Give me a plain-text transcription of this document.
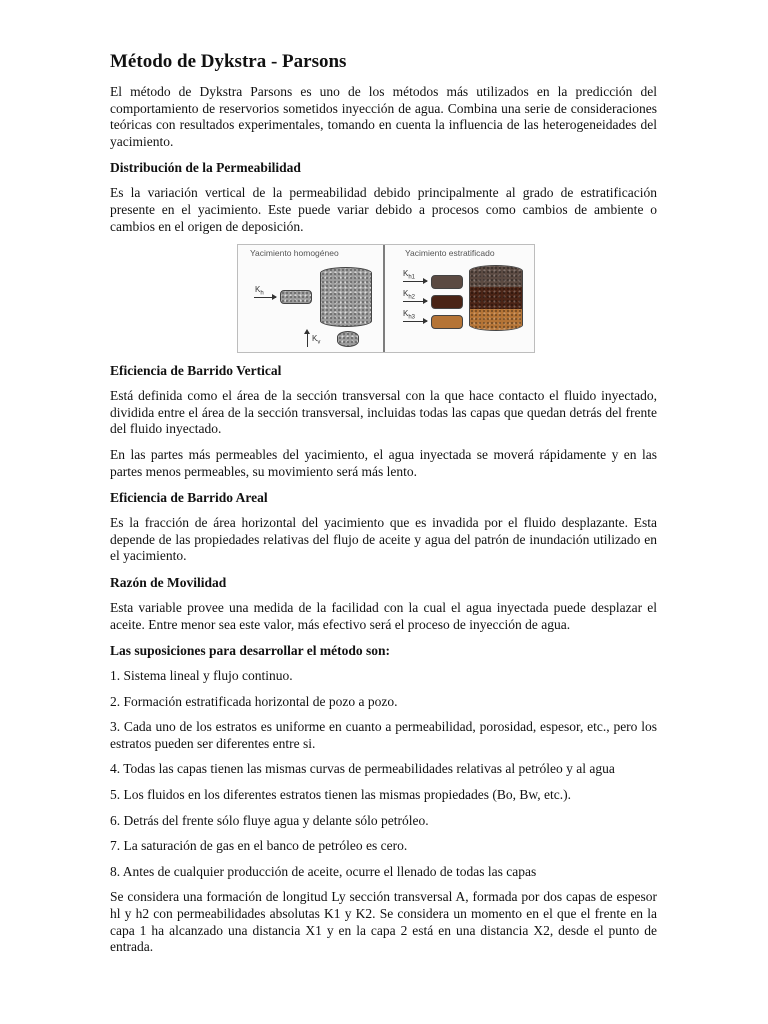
Método de Dykstra - Parsons

El método de Dykstra Parsons es uno de los métodos más utilizados en la predicción del comportamiento de reservorios sometidos inyección de agua. Combina una serie de consideraciones teóricas con resultados experimentales, tomando en cuenta la influencia de las heterogeneidades del yacimiento.

Distribución de la Permeabilidad

Es la variación vertical de la permeabilidad debido principalmente al grado de estratificación presente en el yacimiento. Este puede variar debido a procesos como cambios de ambiente o cambios en el origen de deposición.

Yacimiento homogéneo
$K_h$
$K_v$
Yacimiento estratificado
$K_{h1}$
$K_{h2}$
$K_{h3}$
Eficiencia de Barrido Vertical

Está definida como el área de la sección transversal con la que hace contacto el fluido inyectado, dividida entre el área de la sección transversal, incluidas todas las capas que quedan detrás del frente del fluido inyectado.

En las partes más permeables del yacimiento, el agua inyectada se moverá rápidamente y en las partes menos permeables, su movimiento será más lento.

Eficiencia de Barrido Areal

Es la fracción de área horizontal del yacimiento que es invadida por el fluido desplazante. Esta depende de las propiedades relativas del flujo de aceite y agua del patrón de inundación utilizado en el yacimiento.

Razón de Movilidad

Esta variable provee una medida de la facilidad con la cual el agua inyectada puede desplazar el aceite. Entre menor sea este valor, más efectivo será el proceso de inyección de agua.

Las suposiciones para desarrollar el método son:

1. Sistema lineal y flujo continuo.

2. Formación estratificada horizontal de pozo a pozo.

3. Cada uno de los estratos es uniforme en cuanto a permeabilidad, porosidad, espesor, etc., pero los estratos pueden ser diferentes entre si.

4. Todas las capas tienen las mismas curvas de permeabilidades relativas al petróleo y al agua

5. Los fluidos en los diferentes estratos tienen las mismas propiedades (Bo, Bw, etc.).

6. Detrás del frente sólo fluye agua y delante sólo petróleo.

7. La saturación de gas en el banco de petróleo es cero.

8. Antes de cualquier producción de aceite, ocurre el llenado de todas las capas

Se considera una formación de longitud Ly sección transversal A, formada por dos capas de espesor hl y h2 con permeabilidades absolutas K1 y K2. Se considera un momento en el que el frente en la capa 1 ha alcanzado una distancia X1 y en la capa 2 está en una distancia X2, desde el punto de entrada.
